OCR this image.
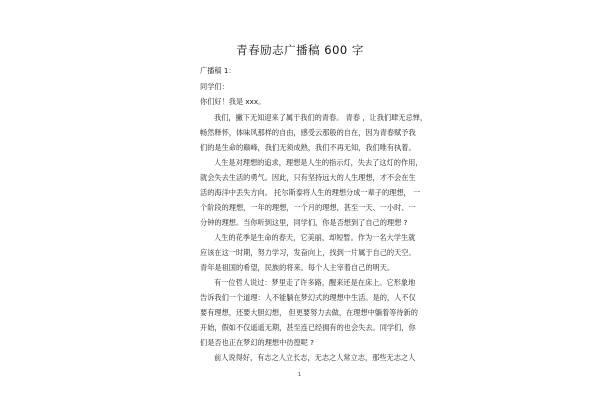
青春励志广播稿 600 字
广播稿 1：
同学们：
你们好！我是 xxx。
我们，撇下无知迎来了属于我们的青春。 青春 ，让我们肆无忌惮，
畅然释怀，体味风那样的自由，感受云那般的自在，因为青春赋予我
们的是生命的巅峰，我们无须成熟，我们不再无知，我们唯有执着。
人生是对理想的追求，理想是人生的指示灯，失去了这灯的作用，
就会失去生活的勇气。因此，只有坚持远大的人生理想，才不会在生
活的海洋中丢失方向。 托尔斯泰将人生的理想分成一辈子的理想， 一
个阶段的理想，一年的理想，一个月的理想，甚至一天、一小时、一
分钟的理想。当你听到这里，同学们，你是否想到了自己的理想 ?
人生的花季是生命的春天，它美丽，却短暂。作为一名大学生就
应该在这一时期，努力学习，发奋向上，找到一片属于自己的天空。
青年是祖国的希望，民族的将来。每个人主宰着自己的明天。
有一位哲人说过：梦里走了许多路，醒来还是在床上。它形象地
告诉我们一个道理：人不能躺在梦幻式的理想中生活。是的，人不仅
要有理想，还要大胆幻想， 但更要努力去做，在理想中躺着等待新的
开始，假如不仅遥遥无期，甚至连已经拥有的也会失去。同学们，你
们是否也正在梦幻的理想中彷徨呢 ?
前人说得好，有志之人立长志，无志之人常立志，那些无志之人
1
